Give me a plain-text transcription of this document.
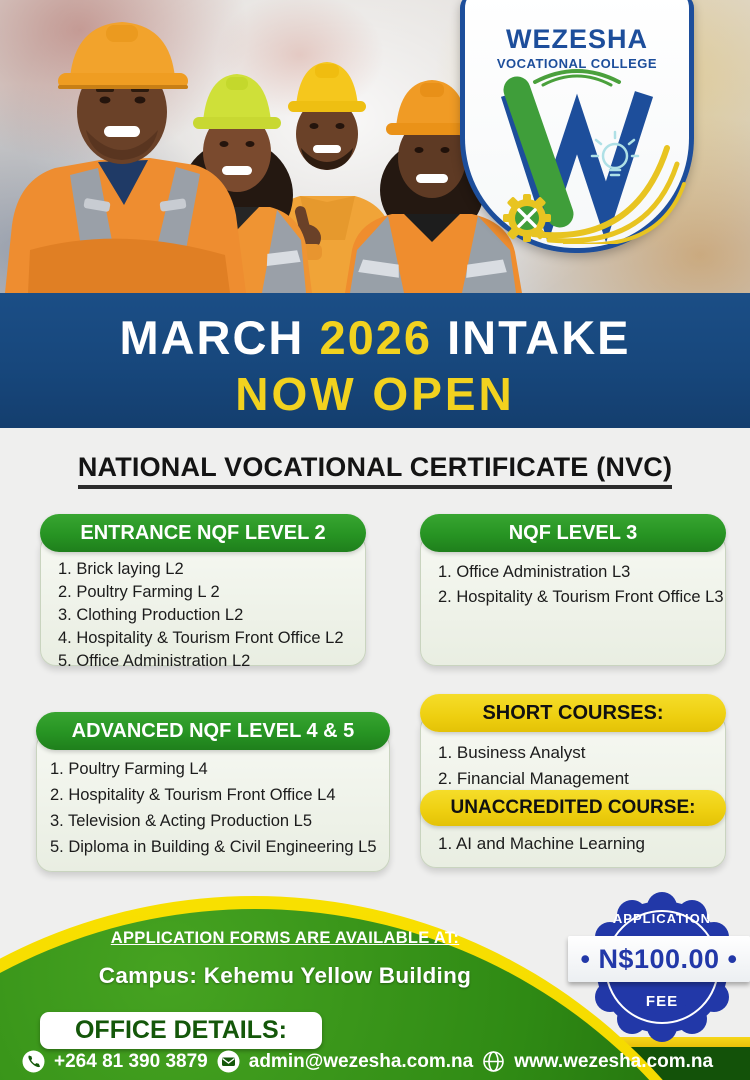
WEZESHA
VOCATIONAL COLLEGE
MARCH 2026 INTAKE
NOW OPEN
NATIONAL VOCATIONAL CERTIFICATE (NVC)
ENTRANCE NQF LEVEL 2
1. Brick laying L2
2. Poultry Farming L 2
3. Clothing Production L2
4. Hospitality & Tourism Front Office L2
5. Office Administration L2
NQF LEVEL 3
1. Office Administration L3
2. Hospitality & Tourism Front Office L3
ADVANCED NQF LEVEL 4 & 5
1. Poultry Farming L4
2. Hospitality & Tourism Front Office L4
3. Television & Acting Production L5
5. Diploma in Building & Civil Engineering L5
SHORT COURSES:
1. Business Analyst
2. Financial Management
UNACCREDITED COURSE:
1. AI and Machine Learning
APPLICATION FORMS ARE AVAILABLE AT:
Campus: Kehemu Yellow Building
OFFICE DETAILS:
+264 81 390 3879 admin@wezesha.com.na www.wezesha.com.na
APPLICATION
• N$100.00 •
FEE
